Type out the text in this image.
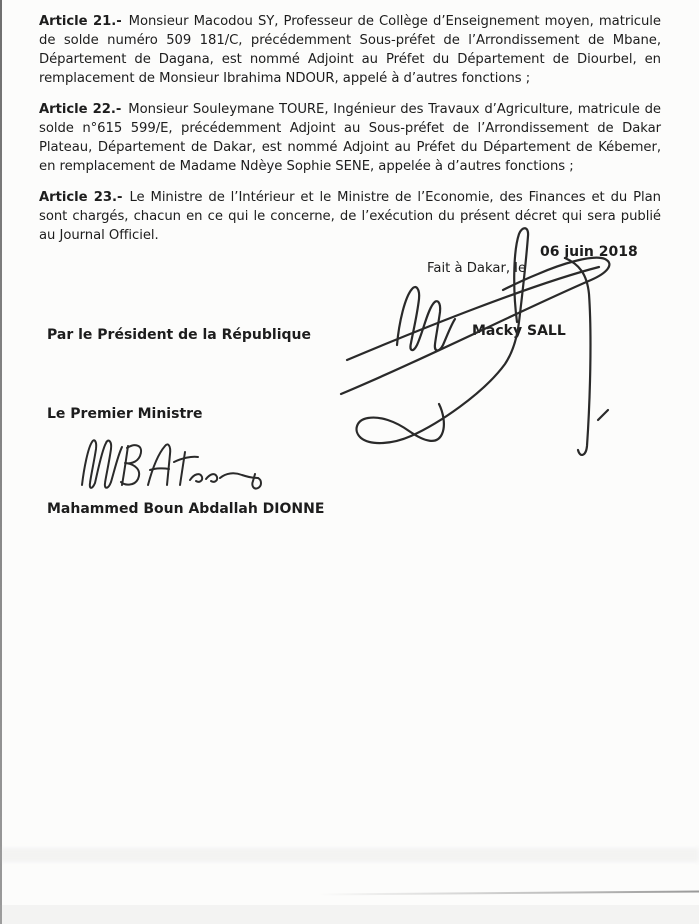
Article 21.- Monsieur Macodou SY, Professeur de Collège d’Enseignement moyen, matricule de solde numéro 509 181/C, précédemment Sous-préfet de l’Arrondissement de Mbane, Département de Dagana, est nommé Adjoint au Préfet du Département de Diourbel, en remplacement de Monsieur Ibrahima NDOUR, appelé à d’autres fonctions ;

Article 22.- Monsieur Souleymane TOURE, Ingénieur des Travaux d’Agriculture, matricule de solde n°615 599/E, précédemment Adjoint au Sous-préfet de l’Arrondissement de Dakar Plateau, Département de Dakar, est nommé Adjoint au Préfet du Département de Kébemer, en remplacement de Madame Ndèye Sophie SENE, appelée à d’autres fonctions ;

Article 23.- Le Ministre de l’Intérieur et le Ministre de l’Economie, des Finances et du Plan sont chargés, chacun en ce qui le concerne, de l’exécution du présent décret qui sera publié au Journal Officiel.

Fait à Dakar, le
06 juin 2018
Macky SALL
Par le Président de la République
Le Premier Ministre
Mahammed Boun Abdallah DIONNE
